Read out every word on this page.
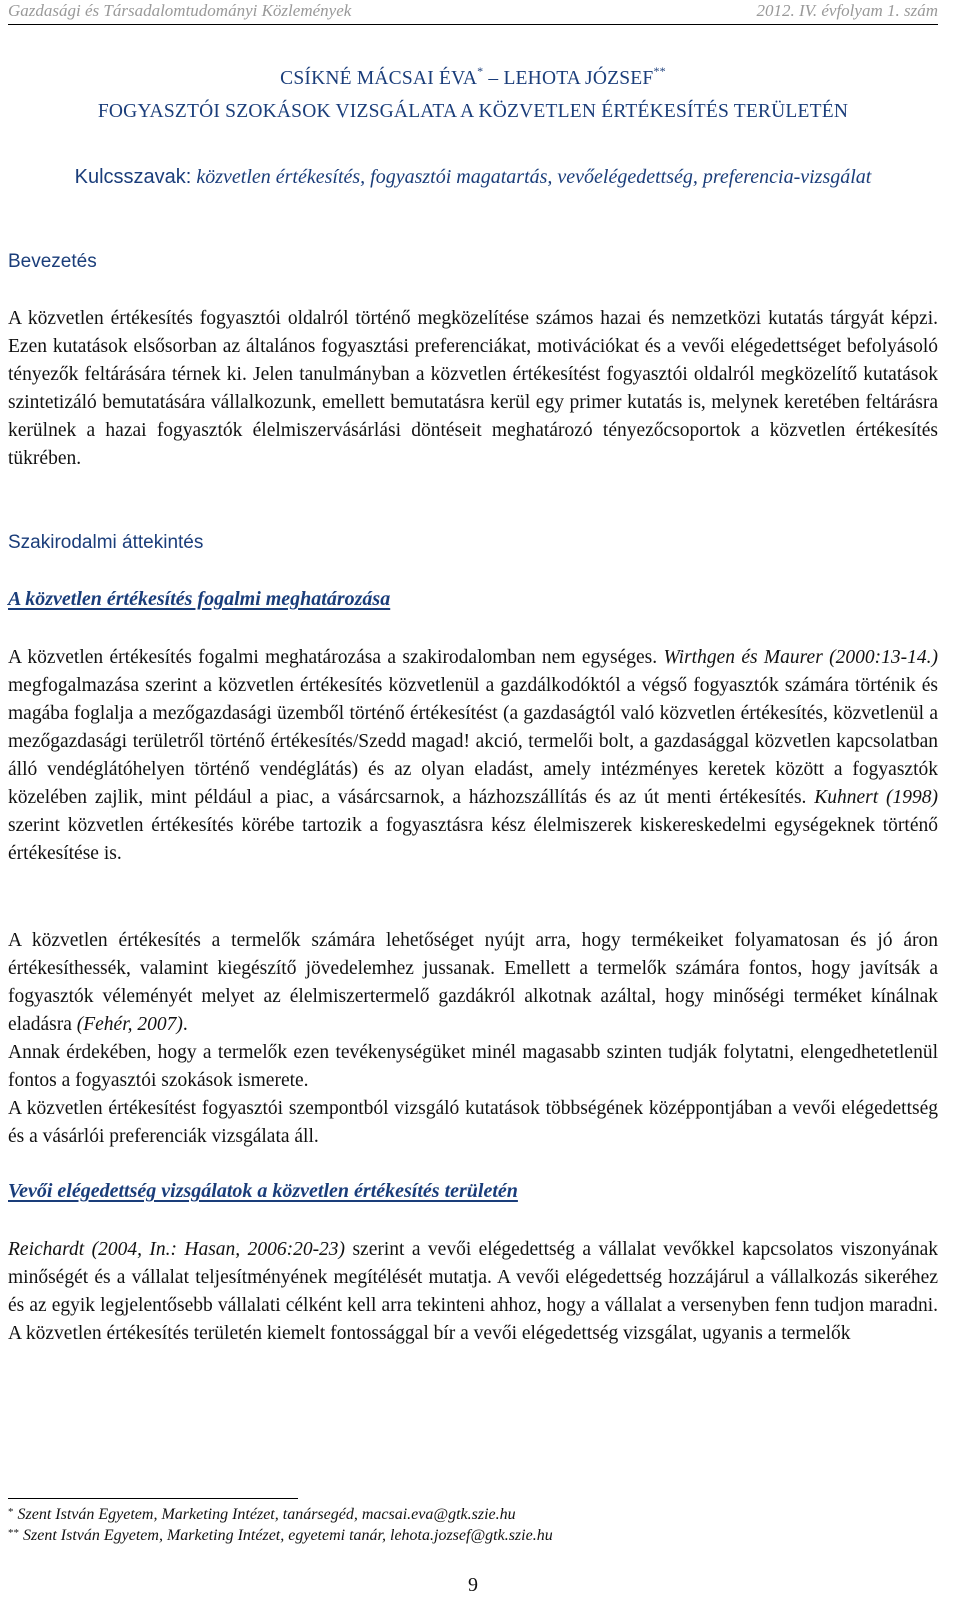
Gazdasági és Társadalomtudományi Közlemények	2012. IV. évfolyam 1. szám
CSÍKNÉ MÁCSAI ÉVA* – LEHOTA JÓZSEF**
FOGYASZTÓI SZOKÁSOK VIZSGÁLATA A KÖZVETLEN ÉRTÉKESÍTÉS TERÜLETÉN
Kulcsszavak: közvetlen értékesítés, fogyasztói magatartás, vevőelégedettség, preferencia-vizsgálat
Bevezetés
A közvetlen értékesítés fogyasztói oldalról történő megközelítése számos hazai és nemzetközi kutatás tárgyát képzi. Ezen kutatások elsősorban az általános fogyasztási preferenciákat, motivációkat és a vevői elégedettséget befolyásoló tényezők feltárására térnek ki. Jelen tanulmányban a közvetlen értékesítést fogyasztói oldalról megközelítő kutatások szintetizáló bemutatására vállalkozunk, emellett bemutatásra kerül egy primer kutatás is, melynek keretében feltárásra kerülnek a hazai fogyasztók élelmiszervásárlási döntéseit meghatározó tényezőcsoportok a közvetlen értékesítés tükrében.
Szakirodalmi áttekintés
A közvetlen értékesítés fogalmi meghatározása
A közvetlen értékesítés fogalmi meghatározása a szakirodalomban nem egységes. Wirthgen és Maurer (2000:13-14.) megfogalmazása szerint a közvetlen értékesítés közvetlenül a gazdálkodóktól a végső fogyasztók számára történik és magába foglalja a mezőgazdasági üzemből történő értékesítést (a gazdaságtól való közvetlen értékesítés, közvetlenül a mezőgazdasági területről történő értékesítés/Szedd magad! akció, termelői bolt, a gazdasággal közvetlen kapcsolatban álló vendéglátóhelyen történő vendéglátás) és az olyan eladást, amely intézményes keretek között a fogyasztók közelében zajlik, mint például a piac, a vásárcsarnok, a házhozszállítás és az út menti értékesítés. Kuhnert (1998) szerint közvetlen értékesítés körébe tartozik a fogyasztásra kész élelmiszerek kiskereskedelmi egységeknek történő értékesítése is.
A közvetlen értékesítés a termelők számára lehetőséget nyújt arra, hogy termékeiket folyamatosan és jó áron értékesíthessék, valamint kiegészítő jövedelemhez jussanak. Emellett a termelők számára fontos, hogy javítsák a fogyasztók véleményét melyet az élelmiszertermelő gazdákról alkotnak azáltal, hogy minőségi terméket kínálnak eladásra (Fehér, 2007).
Annak érdekében, hogy a termelők ezen tevékenységüket minél magasabb szinten tudják folytatni, elengedhetetlenül fontos a fogyasztói szokások ismerete.
A közvetlen értékesítést fogyasztói szempontból vizsgáló kutatások többségének középpontjában a vevői elégedettség és a vásárlói preferenciák vizsgálata áll.
Vevői elégedettség vizsgálatok a közvetlen értékesítés területén
Reichardt (2004, In.: Hasan, 2006:20-23) szerint a vevői elégedettség a vállalat vevőkkel kapcsolatos viszonyának minőségét és a vállalat teljesítményének megítélését mutatja. A vevői elégedettség hozzájárul a vállalkozás sikeréhez és az egyik legjelentősebb vállalati célként kell arra tekinteni ahhoz, hogy a vállalat a versenyben fenn tudjon maradni. A közvetlen értékesítés területén kiemelt fontossággal bír a vevői elégedettség vizsgálat, ugyanis a termelők
* Szent István Egyetem, Marketing Intézet, tanársegéd, macsai.eva@gtk.szie.hu
** Szent István Egyetem, Marketing Intézet, egyetemi tanár, lehota.jozsef@gtk.szie.hu
9
